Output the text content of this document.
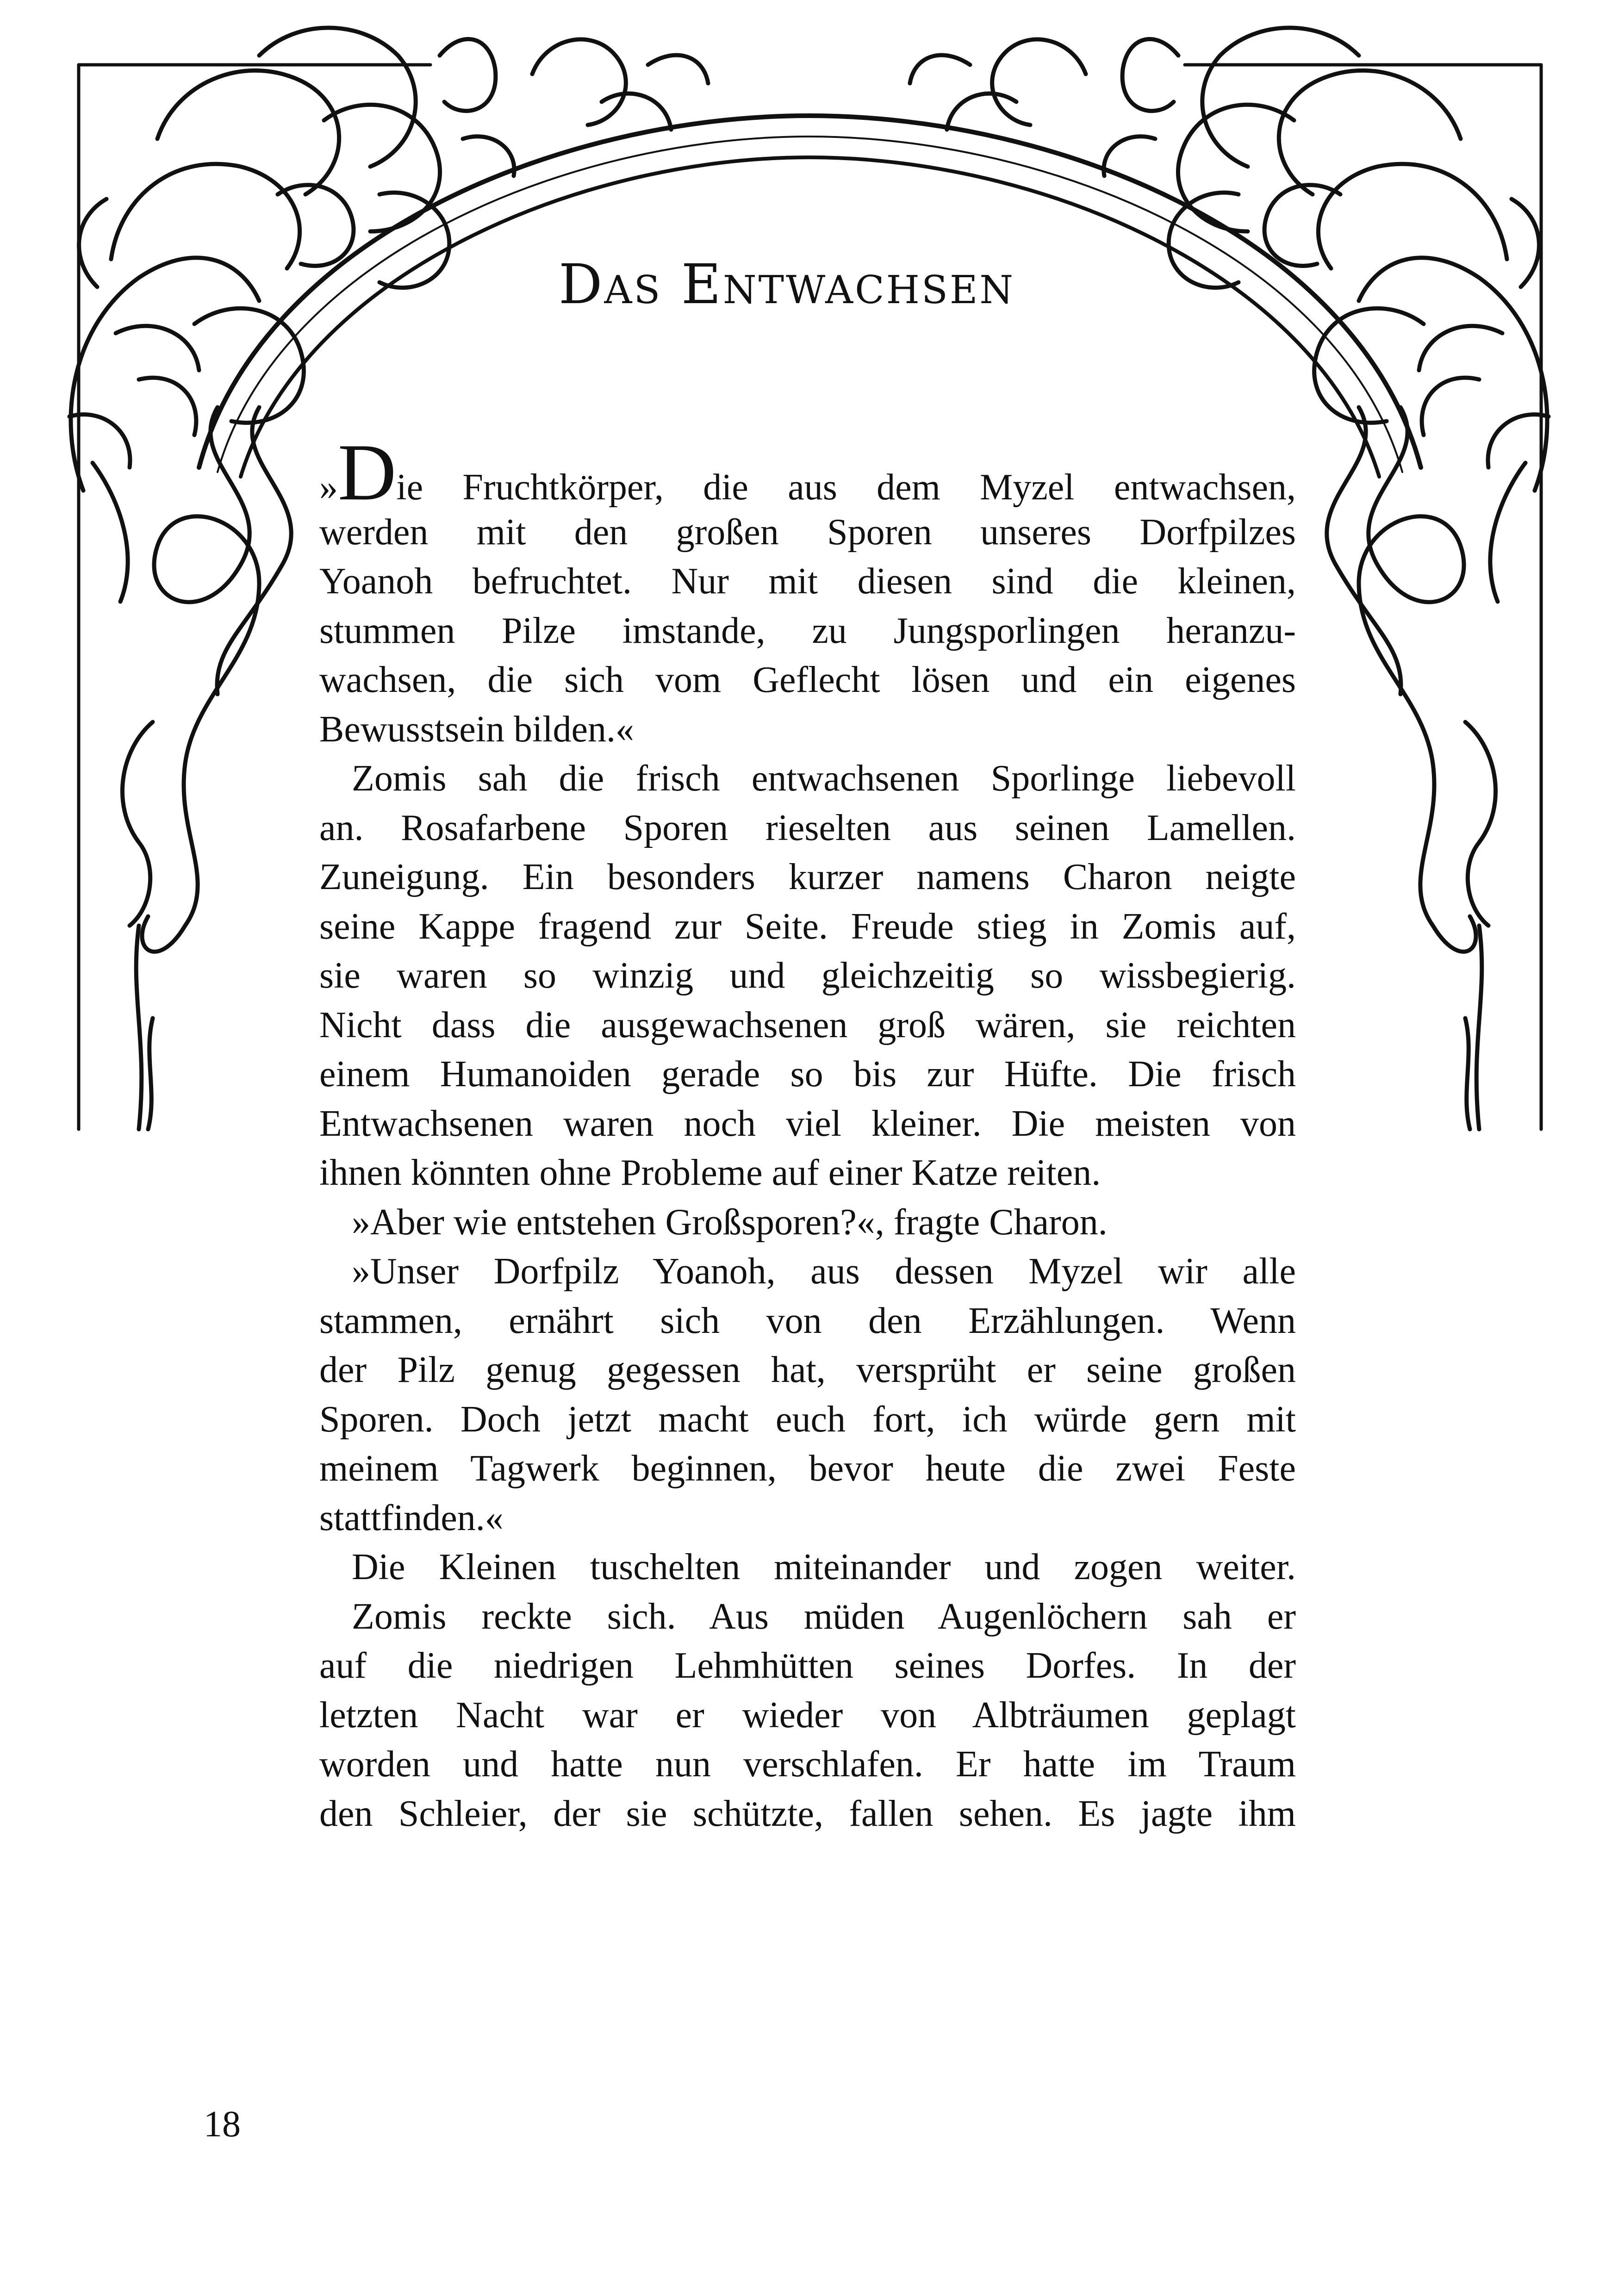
Das Entwachsen
»Die Fruchtkörper, die aus dem Myzel entwachsen,
werden mit den großen Sporen unseres Dorfpilzes
Yoanoh befruchtet. Nur mit diesen sind die kleinen,
stummen Pilze imstande, zu Jungsporlingen heranzu-
wachsen, die sich vom Geflecht lösen und ein eigenes
Bewusstsein bilden.«
Zomis sah die frisch entwachsenen Sporlinge liebevoll
an. Rosafarbene Sporen rieselten aus seinen Lamellen.
Zuneigung. Ein besonders kurzer namens Charon neigte
seine Kappe fragend zur Seite. Freude stieg in Zomis auf,
sie waren so winzig und gleichzeitig so wissbegierig.
Nicht dass die ausgewachsenen groß wären, sie reichten
einem Humanoiden gerade so bis zur Hüfte. Die frisch
Entwachsenen waren noch viel kleiner. Die meisten von
ihnen könnten ohne Probleme auf einer Katze reiten.
»Aber wie entstehen Großsporen?«, fragte Charon.
»Unser Dorfpilz Yoanoh, aus dessen Myzel wir alle
stammen, ernährt sich von den Erzählungen. Wenn
der Pilz genug gegessen hat, versprüht er seine großen
Sporen. Doch jetzt macht euch fort, ich würde gern mit
meinem Tagwerk beginnen, bevor heute die zwei Feste
stattfinden.«
Die Kleinen tuschelten miteinander und zogen weiter.
Zomis reckte sich. Aus müden Augenlöchern sah er
auf die niedrigen Lehmhütten seines Dorfes. In der
letzten Nacht war er wieder von Albträumen geplagt
worden und hatte nun verschlafen. Er hatte im Traum
den Schleier, der sie schützte, fallen sehen. Es jagte ihm
18
